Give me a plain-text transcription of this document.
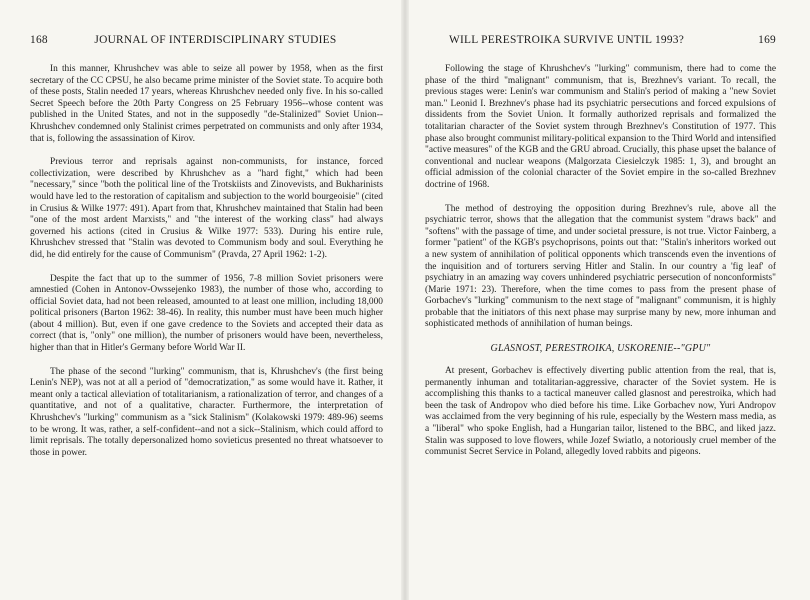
168	JOURNAL OF INTERDISCIPLINARY STUDIES

In this manner, Khrushchev was able to seize all power by 1958, when as the first secretary of the CC CPSU, he also became prime minister of the Soviet state. To acquire both of these posts, Stalin needed 17 years, whereas Khrushchev needed only five. In his so-called Secret Speech before the 20th Party Congress on 25 February 1956--whose content was published in the United States, and not in the supposedly "de-Stalinized" Soviet Union--Khrushchev condemned only Stalinist crimes perpetrated on communists and only after 1934, that is, following the assassination of Kirov.

Previous terror and reprisals against non-communists, for instance, forced collectivization, were described by Khrushchev as a "hard fight," which had been "necessary," since "both the political line of the Trotskiists and Zinovevists, and Bukharinists would have led to the restoration of capitalism and subjection to the world bourgeoisie" (cited in Crusius & Wilke 1977: 491). Apart from that, Khrushchev maintained that Stalin had been "one of the most ardent Marxists," and "the interest of the working class" had always governed his actions (cited in Crusius & Wilke 1977: 533). During his entire rule, Khrushchev stressed that "Stalin was devoted to Communism body and soul. Everything he did, he did entirely for the cause of Communism" (Pravda, 27 April 1962: 1-2).

Despite the fact that up to the summer of 1956, 7-8 million Soviet prisoners were amnestied (Cohen in Antonov-Owssejenko 1983), the number of those who, according to official Soviet data, had not been released, amounted to at least one million, including 18,000 political prisoners (Barton 1962: 38-46). In reality, this number must have been much higher (about 4 million). But, even if one gave credence to the Soviets and accepted their data as correct (that is, "only" one million), the number of prisoners would have been, nevertheless, higher than that in Hitler's Germany before World War II.

The phase of the second "lurking" communism, that is, Khrushchev's (the first being Lenin's NEP), was not at all a period of "democratization," as some would have it. Rather, it meant only a tactical alleviation of totalitarianism, a rationalization of terror, and changes of a quantitative, and not of a qualitative, character. Furthermore, the interpretation of Khrushchev's "lurking" communism as a "sick Stalinism" (Kolakowski 1979: 489-96) seems to be wrong. It was, rather, a self-confident--and not a sick--Stalinism, which could afford to limit reprisals. The totally depersonalized homo sovieticus presented no threat whatsoever to those in power.

WILL PERESTROIKA SURVIVE UNTIL 1993?	169

Following the stage of Khrushchev's "lurking" communism, there had to come the phase of the third "malignant" communism, that is, Brezhnev's variant. To recall, the previous stages were: Lenin's war communism and Stalin's period of making a "new Soviet man." Leonid I. Brezhnev's phase had its psychiatric persecutions and forced expulsions of dissidents from the Soviet Union. It formally authorized reprisals and formalized the totalitarian character of the Soviet system through Brezhnev's Constitution of 1977. This phase also brought communist military-political expansion to the Third World and intensified "active measures" of the KGB and the GRU abroad. Crucially, this phase upset the balance of conventional and nuclear weapons (Malgorzata Ciesielczyk 1985: 1, 3), and brought an official admission of the colonial character of the Soviet empire in the so-called Brezhnev doctrine of 1968.

The method of destroying the opposition during Brezhnev's rule, above all the psychiatric terror, shows that the allegation that the communist system "draws back" and "softens" with the passage of time, and under societal pressure, is not true. Victor Fainberg, a former "patient" of the KGB's psychoprisons, points out that: "Stalin's inheritors worked out a new system of annihilation of political opponents which transcends even the inventions of the inquisition and of torturers serving Hitler and Stalin. In our country a 'fig leaf' of psychiatry in an amazing way covers unhindered psychiatric persecution of nonconformists" (Marie 1971: 23). Therefore, when the time comes to pass from the present phase of Gorbachev's "lurking" communism to the next stage of "malignant" communism, it is highly probable that the initiators of this next phase may surprise many by new, more inhuman and sophisticated methods of annihilation of human beings.

GLASNOST, PERESTROIKA, USKORENIE--"GPU"

At present, Gorbachev is effectively diverting public attention from the real, that is, permanently inhuman and totalitarian-aggressive, character of the Soviet system. He is accomplishing this thanks to a tactical maneuver called glasnost and perestroika, which had been the task of Andropov who died before his time. Like Gorbachev now, Yuri Andropov was acclaimed from the very beginning of his rule, especially by the Western mass media, as a "liberal" who spoke English, had a Hungarian tailor, listened to the BBC, and liked jazz. Stalin was supposed to love flowers, while Jozef Swiatlo, a notoriously cruel member of the communist Secret Service in Poland, allegedly loved rabbits and pigeons.
